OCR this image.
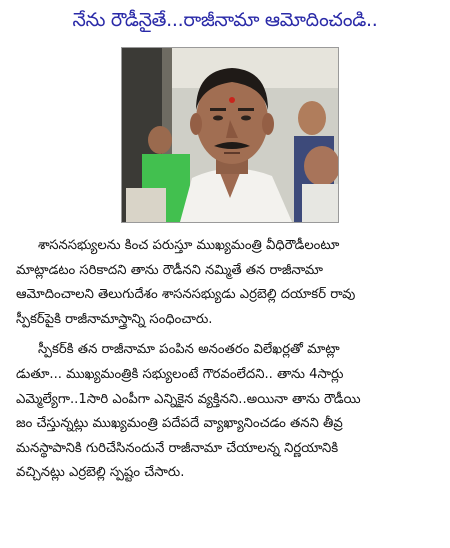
నేను రౌడీనైతే...రాజీనామా ఆమోదించండి..
శాసనసభ్యులను కించ పరుస్తూ ముఖ్యమంత్రి వీధిరౌడీలంటూ
మాట్లాడటం సరికాదని తాను రౌడీనని నమ్మితే తన రాజీనామా
ఆమోదించాలని తెలుగుదేశం శాసనసభ్యుడు ఎర్రబెల్లి దయాకర్ రావు
స్పీకర్‌పైకి రాజీనామాస్త్రాన్ని సంధించారు.
స్పీకర్‌కి తన రాజీనామా పంపిన అనంతరం విలేఖర్లతో మాట్లా
డుతూ... ముఖ్యమంత్రికి సభ్యులంటే గౌరవంలేదని.. తాను 4సార్లు
ఎమ్మెల్యేగా..1సారి ఎంపీగా ఎన్నికైన వ్యక్తినని..అయినా తాను రౌడీయి
జం చేస్తున్నట్లు ముఖ్యమంత్రి పదేపదే వ్యాఖ్యానించడం తనని తీవ్ర
మనస్థాపానికి గురిచేసినందునే రాజీనామా చేయాలన్న నిర్ణయానికి
వచ్చినట్లు ఎర్రబెల్లి స్పష్టం చేసారు.
